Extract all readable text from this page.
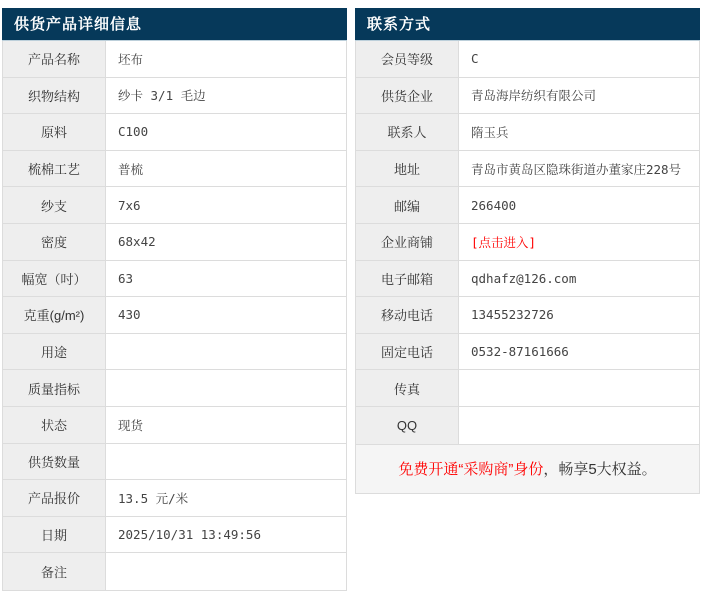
供货产品详细信息
产品名称	坯布
织物结构	纱卡 3/1 毛边
原料	C100
梳棉工艺	普梳
纱支	7x6
密度	68x42
幅宽（吋）	63
克重(g/m²)	430
用途
质量指标
状态	现货
供货数量
产品报价	13.5 元/米
日期	2025/10/31 13:49:56
备注
联系方式
会员等级	C
供货企业	青岛海岸纺织有限公司
联系人	隋玉兵
地址	青岛市黄岛区隐珠街道办董家庄228号
邮编	266400
企业商铺	[点击进入]
电子邮箱	qdhafz@126.com
移动电话	13455232726
固定电话	0532-87161666
传真
QQ
免费开通“采购商”身份 ，畅享5大权益。
